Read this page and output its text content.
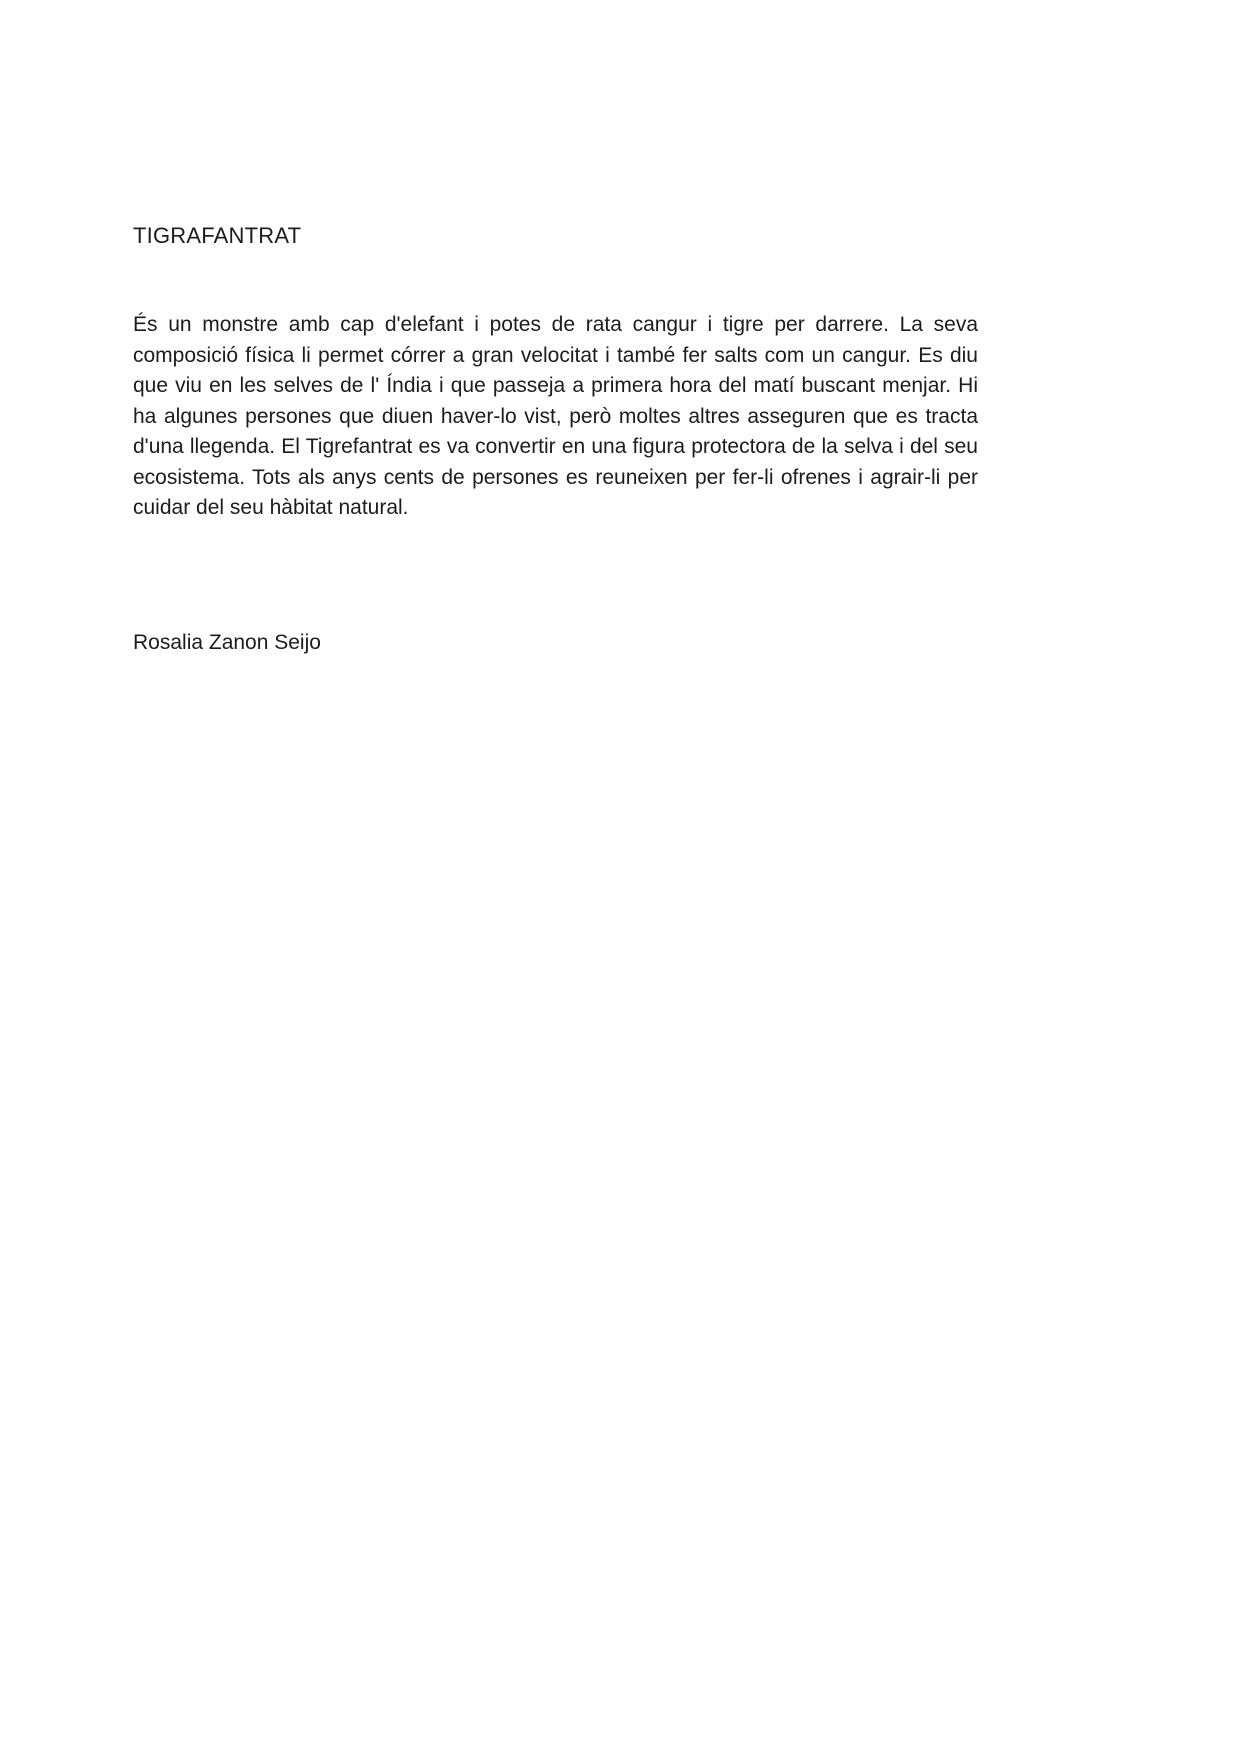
TIGRAFANTRAT

És un monstre amb cap d'elefant i potes de rata cangur i tigre per darrere. La seva composició física li permet córrer a gran velocitat i també fer salts com un cangur. Es diu que viu en les selves de l' Índia i que passeja a primera hora del matí buscant menjar. Hi ha algunes persones que diuen haver-lo vist, però moltes altres asseguren que es tracta d'una llegenda. El Tigrefantrat es va convertir en una figura protectora de la selva i del seu ecosistema. Tots als anys cents de persones es reuneixen per fer-li ofrenes i agrair-li per cuidar del seu hàbitat natural.

Rosalia Zanon Seijo
